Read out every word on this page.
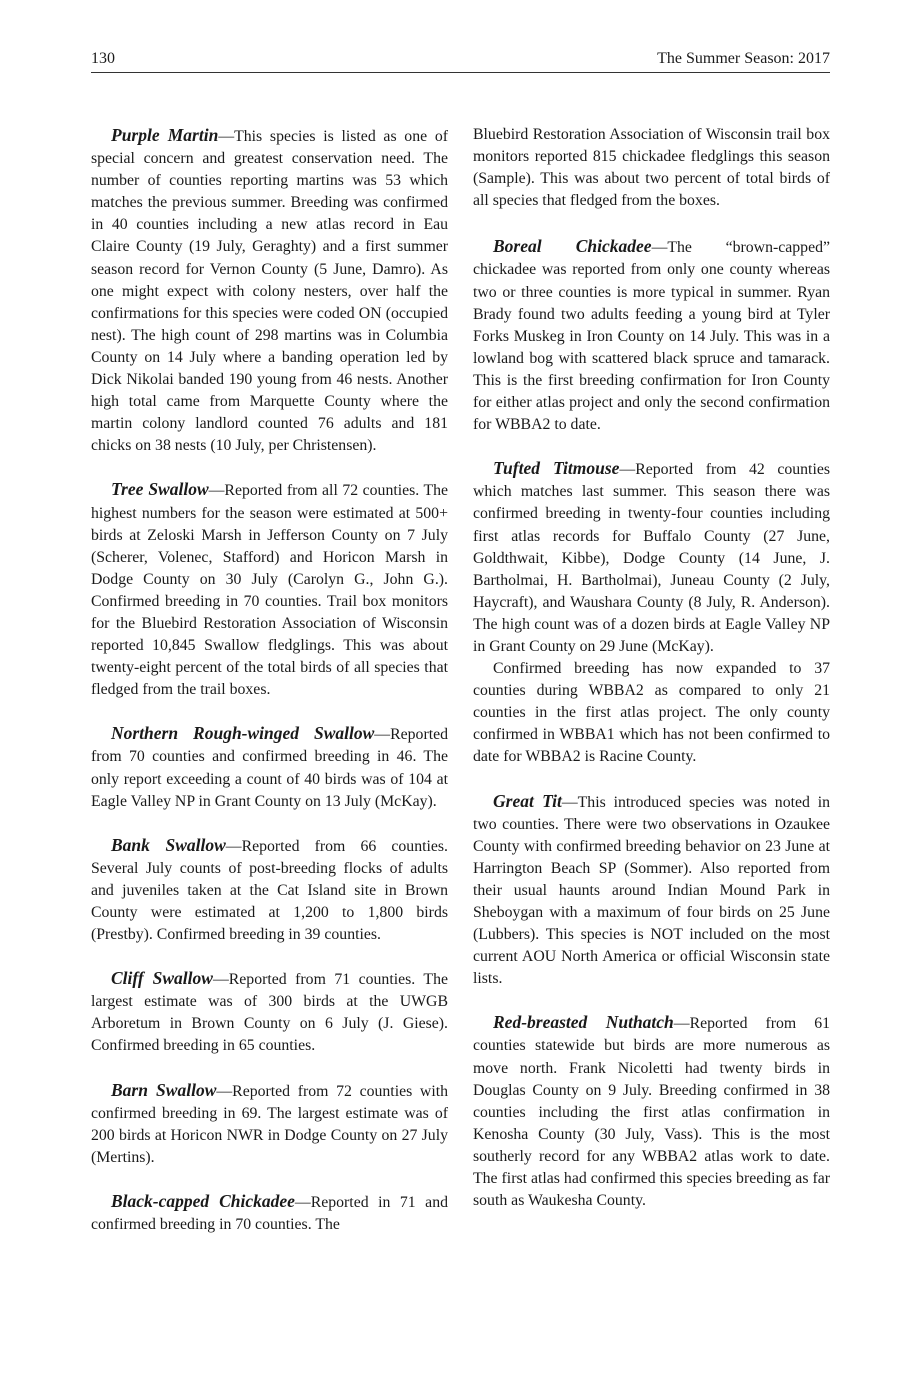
130	The Summer Season: 2017

Purple Martin—This species is listed as one of special concern and greatest conservation need. The number of counties reporting martins was 53 which matches the previous summer. Breeding was confirmed in 40 counties including a new atlas record in Eau Claire County (19 July, Geraghty) and a first summer season record for Vernon County (5 June, Damro). As one might expect with colony nesters, over half the confirmations for this species were coded ON (occupied nest). The high count of 298 martins was in Columbia County on 14 July where a banding operation led by Dick Nikolai banded 190 young from 46 nests. Another high total came from Marquette County where the martin colony landlord counted 76 adults and 181 chicks on 38 nests (10 July, per Christensen).

Tree Swallow—Reported from all 72 counties. The highest numbers for the season were estimated at 500+ birds at Zeloski Marsh in Jefferson County on 7 July (Scherer, Volenec, Stafford) and Horicon Marsh in Dodge County on 30 July (Carolyn G., John G.). Confirmed breeding in 70 counties. Trail box monitors for the Bluebird Restoration Association of Wisconsin reported 10,845 Swallow fledglings. This was about twenty-eight percent of the total birds of all species that fledged from the trail boxes.

Northern Rough-winged Swallow—Reported from 70 counties and confirmed breeding in 46. The only report exceeding a count of 40 birds was of 104 at Eagle Valley NP in Grant County on 13 July (McKay).

Bank Swallow—Reported from 66 counties. Several July counts of post-breeding flocks of adults and juveniles taken at the Cat Island site in Brown County were estimated at 1,200 to 1,800 birds (Prestby). Confirmed breeding in 39 counties.

Cliff Swallow—Reported from 71 counties. The largest estimate was of 300 birds at the UWGB Arboretum in Brown County on 6 July (J. Giese). Confirmed breeding in 65 counties.

Barn Swallow—Reported from 72 counties with confirmed breeding in 69. The largest estimate was of 200 birds at Horicon NWR in Dodge County on 27 July (Mertins).

Black-capped Chickadee—Reported in 71 and confirmed breeding in 70 counties. The

Bluebird Restoration Association of Wisconsin trail box monitors reported 815 chickadee fledglings this season (Sample). This was about two percent of total birds of all species that fledged from the boxes.

Boreal Chickadee—The “brown-capped” chickadee was reported from only one county whereas two or three counties is more typical in summer. Ryan Brady found two adults feeding a young bird at Tyler Forks Muskeg in Iron County on 14 July. This was in a lowland bog with scattered black spruce and tamarack. This is the first breeding confirmation for Iron County for either atlas project and only the second confirmation for WBBA2 to date.

Tufted Titmouse—Reported from 42 counties which matches last summer. This season there was confirmed breeding in twenty-four counties including first atlas records for Buffalo County (27 June, Goldthwait, Kibbe), Dodge County (14 June, J. Bartholmai, H. Bartholmai), Juneau County (2 July, Haycraft), and Waushara County (8 July, R. Anderson). The high count was of a dozen birds at Eagle Valley NP in Grant County on 29 June (McKay).

Confirmed breeding has now expanded to 37 counties during WBBA2 as compared to only 21 counties in the first atlas project. The only county confirmed in WBBA1 which has not been confirmed to date for WBBA2 is Racine County.

Great Tit—This introduced species was noted in two counties. There were two observations in Ozaukee County with confirmed breeding behavior on 23 June at Harrington Beach SP (Sommer). Also reported from their usual haunts around Indian Mound Park in Sheboygan with a maximum of four birds on 25 June (Lubbers). This species is NOT included on the most current AOU North America or official Wisconsin state lists.

Red-breasted Nuthatch—Reported from 61 counties statewide but birds are more numerous as move north. Frank Nicoletti had twenty birds in Douglas County on 9 July. Breeding confirmed in 38 counties including the first atlas confirmation in Kenosha County (30 July, Vass). This is the most southerly record for any WBBA2 atlas work to date. The first atlas had confirmed this species breeding as far south as Waukesha County.
